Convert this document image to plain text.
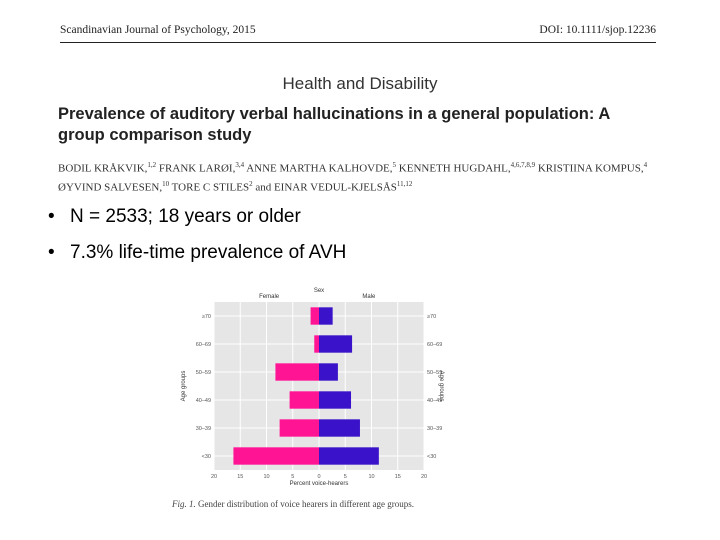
Scandinavian Journal of Psychology, 2015	DOI: 10.1111/sjop.12236
Health and Disability
Prevalence of auditory verbal hallucinations in a general population: A group comparison study
BODIL KRÅKVIK,$^{1,2}$ FRANK LARØI,$^{3,4}$ ANNE MARTHA KALHOVDE,$^5$ KENNETH HUGDAHL,$^{4,6,7,8,9}$ KRISTIINA KOMPUS,$^4$
ØYVIND SALVESEN,$^{10}$ TORE C STILES$^2$ and EINAR VEDUL-KJELSÅS$^{11,12}$
• N = 2533; 18 years or older
• 7.3% life-time prevalence of AVH
Sex
Female	Male
≥70	≥70
60–69	60–69
50–59	50–59
40–49	40–49
30–39	30–39
<30	<30
20	15	10	5	0	5	10	15	20
Percent voice-hearers
Age groups	Age groups
Fig. 1. Gender distribution of voice hearers in different age groups.
